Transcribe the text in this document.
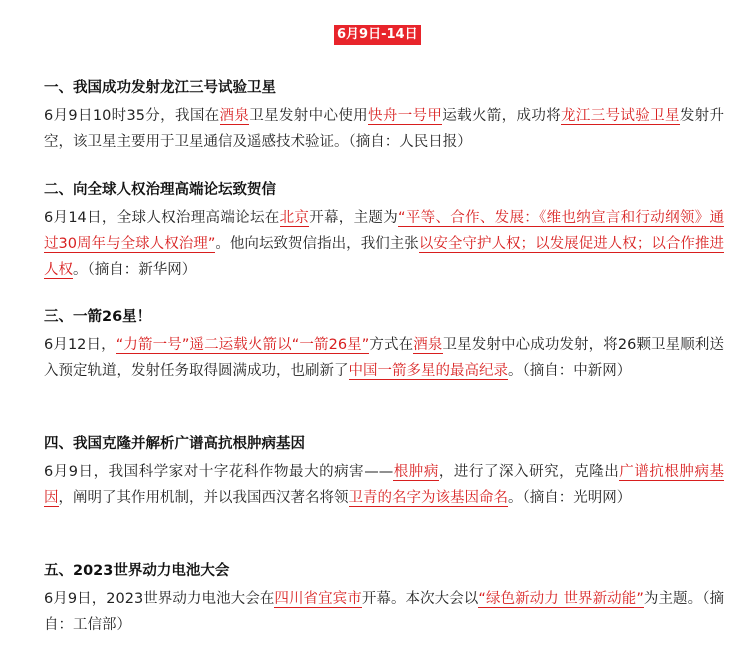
6月9日-14日
一、我国成功发射龙江三号试验卫星

6月9日10时35分，我国在酒泉卫星发射中心使用快舟一号甲运载火箭，成功将龙江三号试验卫星发射升空，该卫星主要用于卫星通信及遥感技术验证。（摘自：人民日报）

二、向全球人权治理高端论坛致贺信

6月14日，全球人权治理高端论坛在北京开幕，主题为“平等、合作、发展：《维也纳宣言和行动纲领》通过30周年与全球人权治理”。他向坛致贺信指出，我们主张以安全守护人权；以发展促进人权；以合作推进人权。（摘自：新华网）

三、一箭26星！

6月12日，“力箭一号”遥二运载火箭以“一箭26星”方式在酒泉卫星发射中心成功发射，将26颗卫星顺利送入预定轨道，发射任务取得圆满成功，也刷新了中国一箭多星的最高纪录。（摘自：中新网）

四、我国克隆并解析广谱高抗根肿病基因

6月9日，我国科学家对十字花科作物最大的病害——根肿病，进行了深入研究，克隆出广谱抗根肿病基因，阐明了其作用机制，并以我国西汉著名将领卫青的名字为该基因命名。（摘自：光明网）

五、2023世界动力电池大会

6月9日，2023世界动力电池大会在四川省宜宾市开幕。本次大会以“绿色新动力 世界新动能”为主题。（摘自：工信部）
